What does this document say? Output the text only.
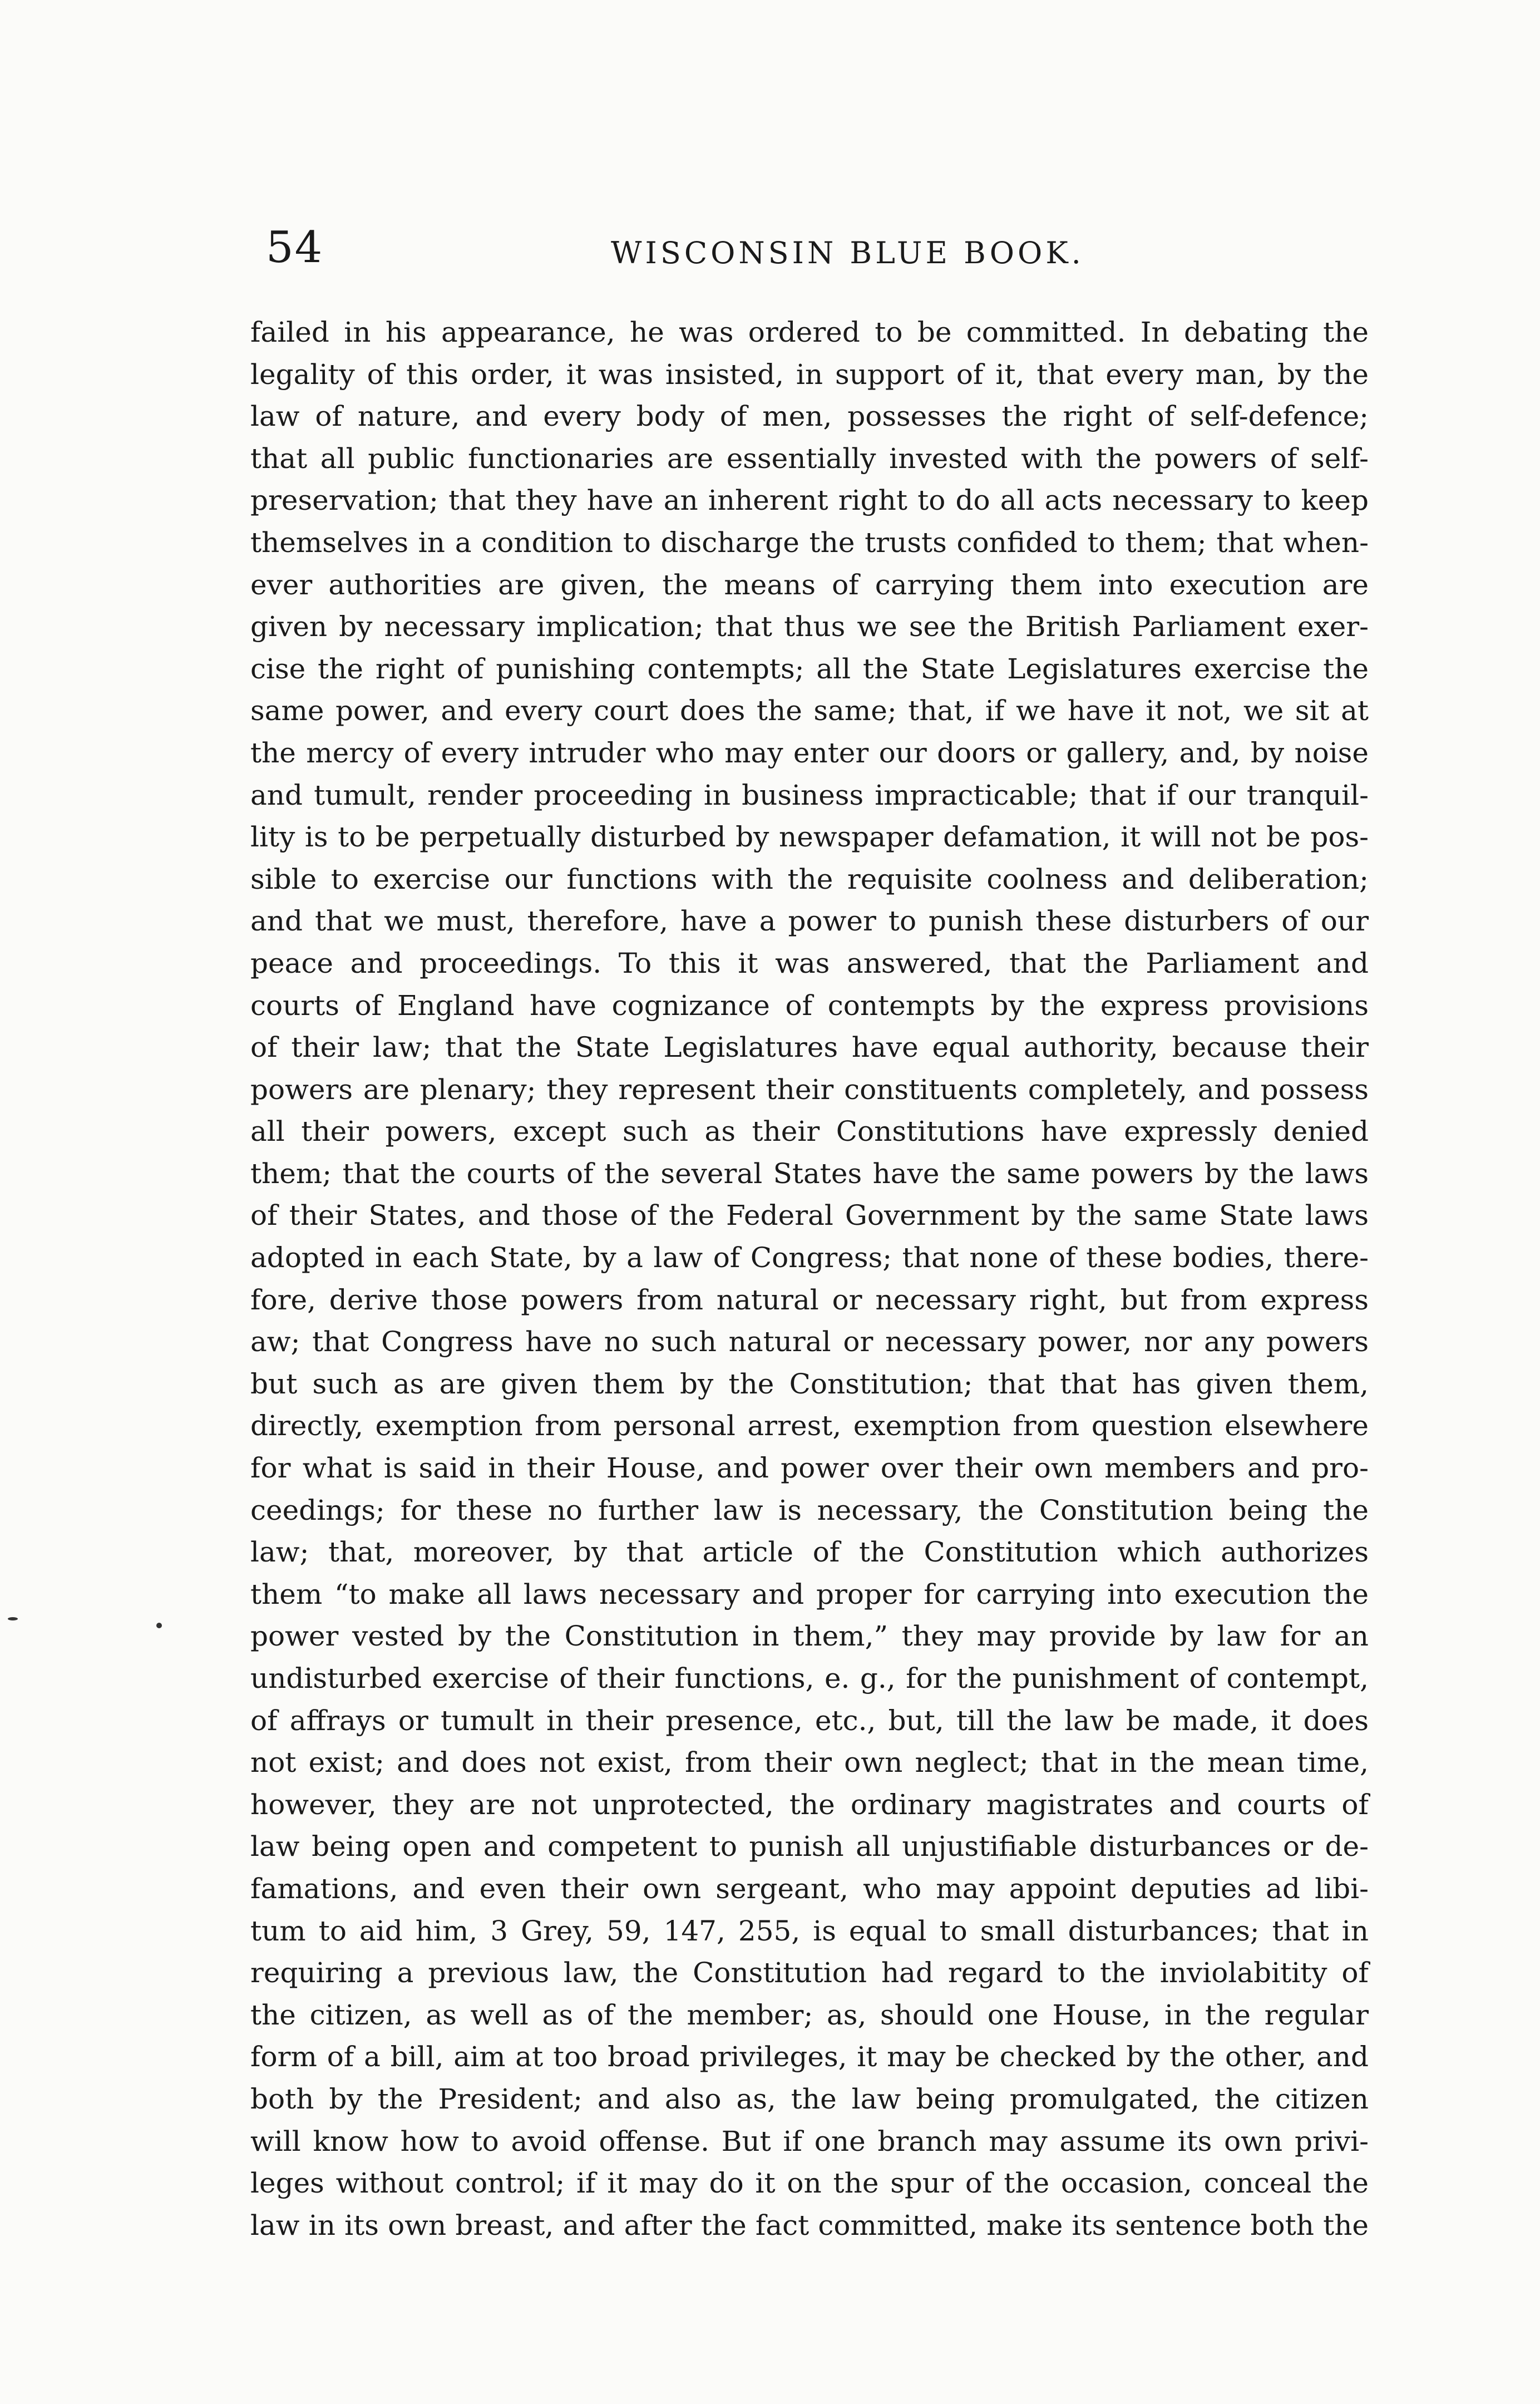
54	WISCONSIN BLUE BOOK.
failed in his appearance, he was ordered to be committed. In debating the
legality of this order, it was insisted, in support of it, that every man, by the
law of nature, and every body of men, possesses the right of self-defence;
that all public functionaries are essentially invested with the powers of self-
preservation; that they have an inherent right to do all acts necessary to keep
themselves in a condition to discharge the trusts confided to them; that when-
ever authorities are given, the means of carrying them into execution are
given by necessary implication; that thus we see the British Parliament exer-
cise the right of punishing contempts; all the State Legislatures exercise the
same power, and every court does the same; that, if we have it not, we sit at
the mercy of every intruder who may enter our doors or gallery, and, by noise
and tumult, render proceeding in business impracticable; that if our tranquil-
lity is to be perpetually disturbed by newspaper defamation, it will not be pos-
sible to exercise our functions with the requisite coolness and deliberation;
and that we must, therefore, have a power to punish these disturbers of our
peace and proceedings. To this it was answered, that the Parliament and
courts of England have cognizance of contempts by the express provisions
of their law; that the State Legislatures have equal authority, because their
powers are plenary; they represent their constituents completely, and possess
all their powers, except such as their Constitutions have expressly denied
them; that the courts of the several States have the same powers by the laws
of their States, and those of the Federal Government by the same State laws
adopted in each State, by a law of Congress; that none of these bodies, there-
fore, derive those powers from natural or necessary right, but from express
aw; that Congress have no such natural or necessary power, nor any powers
but such as are given them by the Constitution; that that has given them,
directly, exemption from personal arrest, exemption from question elsewhere
for what is said in their House, and power over their own members and pro-
ceedings; for these no further law is necessary, the Constitution being the
law; that, moreover, by that article of the Constitution which authorizes
them “to make all laws necessary and proper for carrying into execution the
power vested by the Constitution in them,” they may provide by law for an
undisturbed exercise of their functions, e. g., for the punishment of contempt,
of affrays or tumult in their presence, etc., but, till the law be made, it does
not exist; and does not exist, from their own neglect; that in the mean time,
however, they are not unprotected, the ordinary magistrates and courts of
law being open and competent to punish all unjustifiable disturbances or de-
famations, and even their own sergeant, who may appoint deputies ad libi-
tum to aid him, 3 Grey, 59, 147, 255, is equal to small disturbances; that in
requiring a previous law, the Constitution had regard to the inviolabitity of
the citizen, as well as of the member; as, should one House, in the regular
form of a bill, aim at too broad privileges, it may be checked by the other, and
both by the President; and also as, the law being promulgated, the citizen
will know how to avoid offense. But if one branch may assume its own privi-
leges without control; if it may do it on the spur of the occasion, conceal the
law in its own breast, and after the fact committed, make its sentence both the
